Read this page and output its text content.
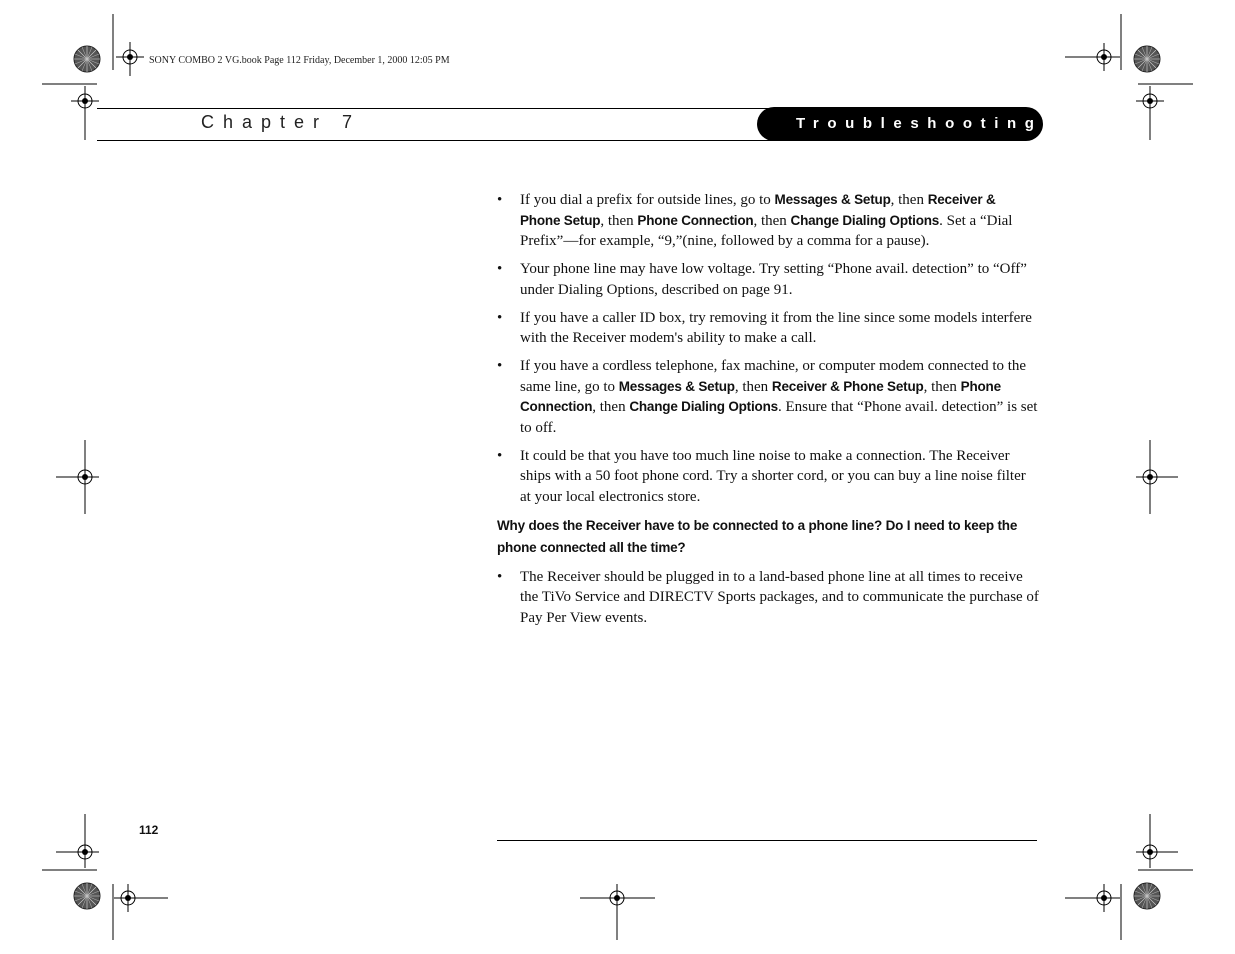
SONY COMBO 2 VG.book Page 112 Friday, December 1, 2000 12:05 PM
Chapter 7	Troubleshooting
• If you dial a prefix for outside lines, go to Messages & Setup, then Receiver & Phone Setup, then Phone Connection, then Change Dialing Options. Set a “Dial Prefix”—for example, “9,”(nine, followed by a comma for a pause).
• Your phone line may have low voltage. Try setting “Phone avail. detection” to “Off” under Dialing Options, described on page 91.
• If you have a caller ID box, try removing it from the line since some models interfere with the Receiver modem's ability to make a call.
• If you have a cordless telephone, fax machine, or computer modem connected to the same line, go to Messages & Setup, then Receiver & Phone Setup, then Phone Connection, then Change Dialing Options. Ensure that “Phone avail. detection” is set to off.
• It could be that you have too much line noise to make a connection. The Receiver ships with a 50 foot phone cord. Try a shorter cord, or you can buy a line noise filter at your local electronics store.

Why does the Receiver have to be connected to a phone line? Do I need to keep the phone connected all the time?

• The Receiver should be plugged in to a land-based phone line at all times to receive the TiVo Service and DIRECTV Sports packages, and to communicate the purchase of Pay Per View events.
112
